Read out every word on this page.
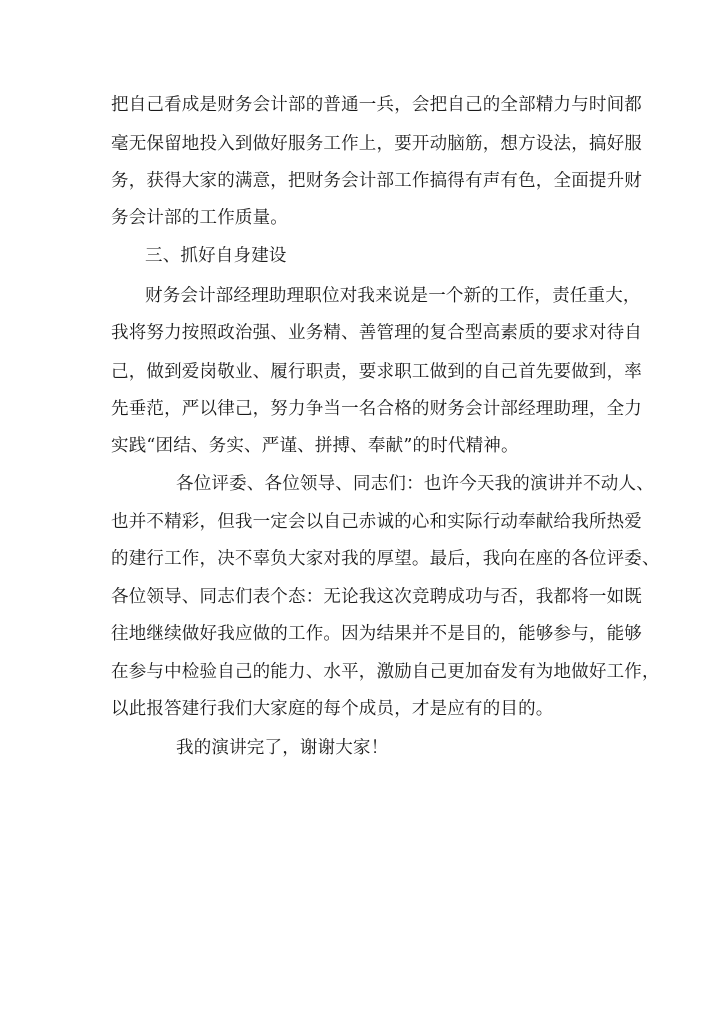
把自己看成是财务会计部的普通一兵，会把自己的全部精力与时间都
毫无保留地投入到做好服务工作上，要开动脑筋，想方设法，搞好服
务，获得大家的满意，把财务会计部工作搞得有声有色，全面提升财
务会计部的工作质量。
三、抓好自身建设
财务会计部经理助理职位对我来说是一个新的工作，责任重大，
我将努力按照政治强、业务精、善管理的复合型高素质的要求对待自
己，做到爱岗敬业、履行职责，要求职工做到的自己首先要做到，率
先垂范，严以律己，努力争当一名合格的财务会计部经理助理，全力
实践“团结、务实、严谨、拼搏、奉献”的时代精神。
各位评委、各位领导、同志们：也许今天我的演讲并不动人、
也并不精彩，但我一定会以自己赤诚的心和实际行动奉献给我所热爱
的建行工作，决不辜负大家对我的厚望。最后，我向在座的各位评委、
各位领导、同志们表个态：无论我这次竞聘成功与否，我都将一如既
往地继续做好我应做的工作。因为结果并不是目的，能够参与，能够
在参与中检验自己的能力、水平，激励自己更加奋发有为地做好工作，
以此报答建行我们大家庭的每个成员，才是应有的目的。
我的演讲完了，谢谢大家！
